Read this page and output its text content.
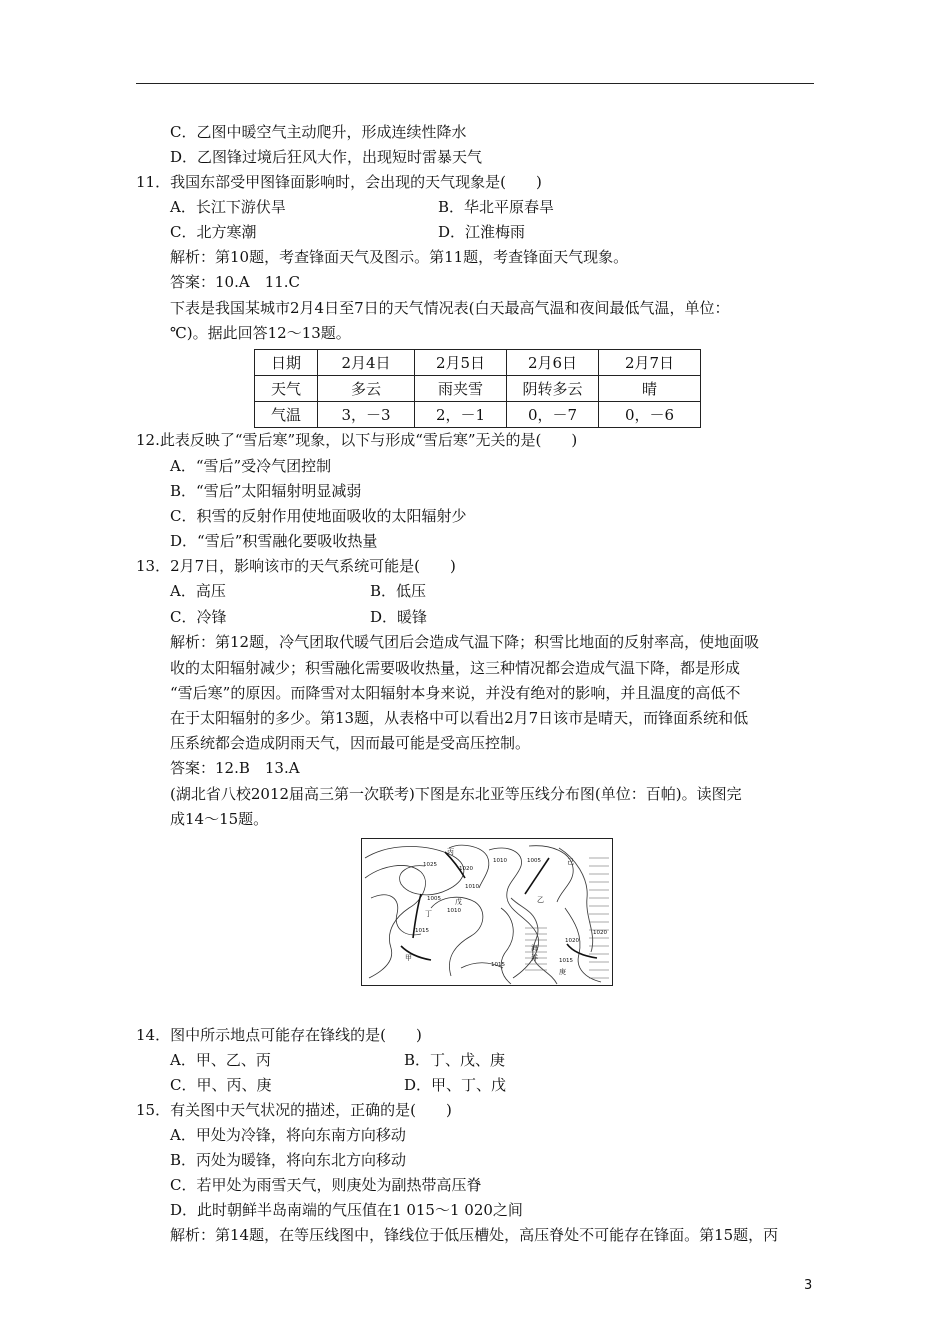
C．乙图中暖空气主动爬升，形成连续性降水
D．乙图锋过境后狂风大作，出现短时雷暴天气
11．我国东部受甲图锋面影响时，会出现的天气现象是(　　)
A．长江下游伏旱	B．华北平原春旱
C．北方寒潮	D．江淮梅雨
解析：第10题，考查锋面天气及图示。第11题，考查锋面天气现象。
答案：10.A　11.C
下表是我国某城市2月4日至7日的天气情况表(白天最高气温和夜间最低气温，单位：
℃)。据此回答12～13题。
日期	2月4日	2月5日	2月6日	2月7日
天气	多云	雨夹雪	阴转多云	晴
气温	3，－3	2，－1	0，－7	0，－6
12.此表反映了“雪后寒”现象，以下与形成“雪后寒”无关的是(　　)
A．“雪后”受冷气团控制
B．“雪后”太阳辐射明显减弱
C．积雪的反射作用使地面吸收的太阳辐射少
D．“雪后”积雪融化要吸收热量
13．2月7日，影响该市的天气系统可能是(　　)
A．高压	B．低压
C．冷锋	D．暖锋
解析：第12题，冷气团取代暖气团后会造成气温下降；积雪比地面的反射率高，使地面吸
收的太阳辐射减少；积雪融化需要吸收热量，这三种情况都会造成气温下降，都是形成
“雪后寒”的原因。而降雪对太阳辐射本身来说，并没有绝对的影响，并且温度的高低不
在于太阳辐射的多少。第13题，从表格中可以看出2月7日该市是晴天，而锋面系统和低
压系统都会造成阴雨天气，因而最可能是受高压控制。
答案：12.B　13.A
(湖北省八校2012届高三第一次联考)下图是东北亚等压线分布图(单位：百帕)。读图完
成14～15题。
丙
乙
己
戊
丁
甲
庚
海
洋
1025
1020
1010	1005
1010
1005
1010
1015
1015
1020
1020
1015
14．图中所示地点可能存在锋线的是(　　)
A．甲、乙、丙	B．丁、戊、庚
C．甲、丙、庚	D．甲、丁、戊
15．有关图中天气状况的描述，正确的是(　　)
A．甲处为冷锋，将向东南方向移动
B．丙处为暖锋，将向东北方向移动
C．若甲处为雨雪天气，则庚处为副热带高压脊
D．此时朝鲜半岛南端的气压值在1 015～1 020之间
解析：第14题，在等压线图中，锋线位于低压槽处，高压脊处不可能存在锋面。第15题，丙
3
